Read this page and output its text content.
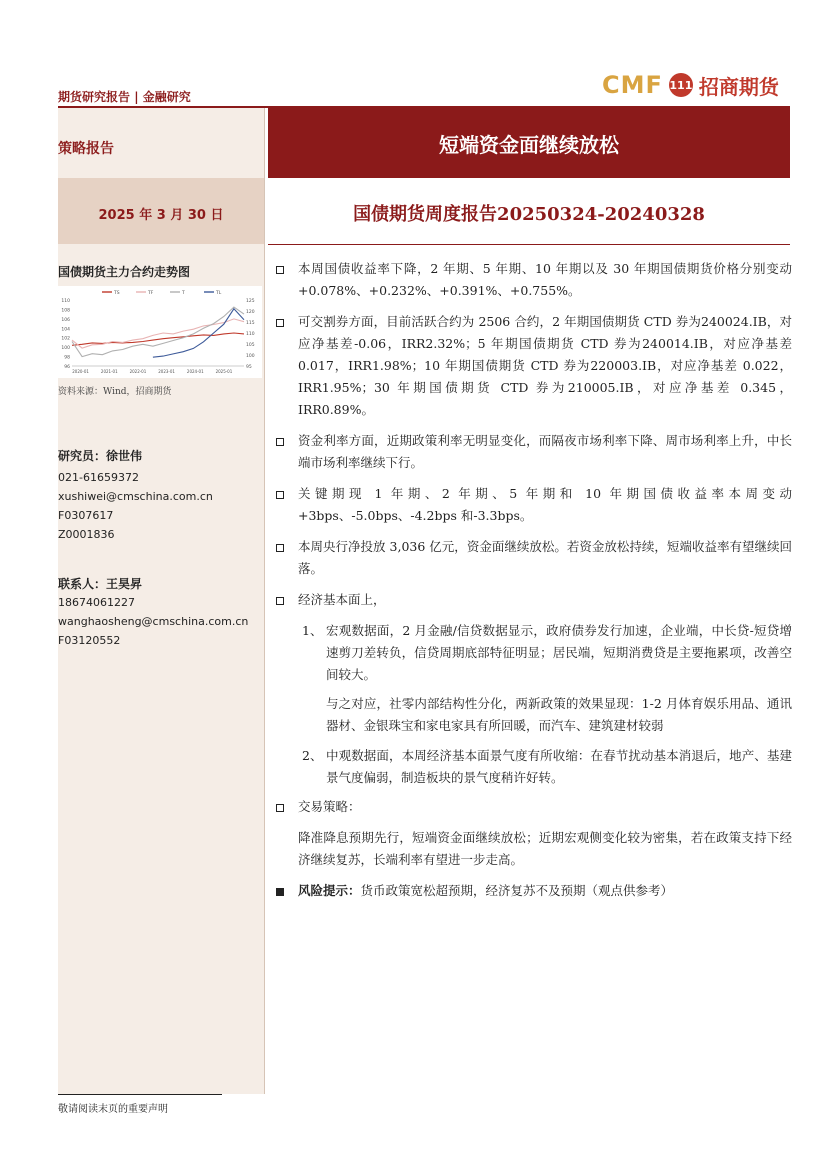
期货研究报告 | 金融研究	CMF 111 招商期货
策略报告	短端资金面继续放松
2025 年 3 月 30 日	国债期货周度报告20250324-20240328
国债期货主力合约走势图
TS	TF	T	TL
96
98
100
102
104
106
108
110
95
100
105
110
115
120
125
2020-01	2021-01	2022-01	2023-01	2024-01	2025-01
资料来源：Wind，招商期货
研究员：徐世伟
021-61659372
xushiwei@cmschina.com.cn
F0307617
Z0001836
联系人：王昊昇
18674061227
wanghaosheng@cmschina.com.cn
F03120552
本周国债收益率下降，2 年期、5 年期、10 年期以及 30 年期国债期货价格分别变动+0.078%、+0.232%、+0.391%、+0.755%。
可交割券方面，目前活跃合约为 2506 合约，2 年期国债期货 CTD 券为240024.IB，对应净基差-0.06，IRR2.32%；5 年期国债期货 CTD 券为240014.IB，对应净基差 0.017，IRR1.98%；10 年期国债期货 CTD 券为220003.IB，对应净基差 0.022，IRR1.95%；30 年期国债期货 CTD 券为210005.IB，对应净基差 0.345，IRR0.89%。
资金利率方面，近期政策利率无明显变化，而隔夜市场利率下降、周市场利率上升，中长端市场利率继续下行。
关键期现 1 年期、2 年期、5 年期和 10 年期国债收益率本周变动+3bps、-5.0bps、-4.2bps 和-3.3bps。
本周央行净投放 3,036 亿元，资金面继续放松。若资金放松持续，短端收益率有望继续回落。
经济基本面上，
1、 宏观数据面，2 月金融/信贷数据显示，政府债券发行加速，企业端，中长贷-短贷增速剪刀差转负，信贷周期底部特征明显；居民端，短期消费贷是主要拖累项，改善空间较大。
与之对应，社零内部结构性分化，两新政策的效果显现：1-2 月体育娱乐用品、通讯器材、金银珠宝和家电家具有所回暖，而汽车、建筑建材较弱
2、 中观数据面，本周经济基本面景气度有所收缩：在春节扰动基本消退后，地产、基建景气度偏弱，制造板块的景气度稍许好转。
交易策略：
降准降息预期先行，短端资金面继续放松；近期宏观侧变化较为密集，若在政策支持下经济继续复苏，长端利率有望进一步走高。
风险提示：货币政策宽松超预期，经济复苏不及预期（观点供参考）
敬请阅读末页的重要声明
